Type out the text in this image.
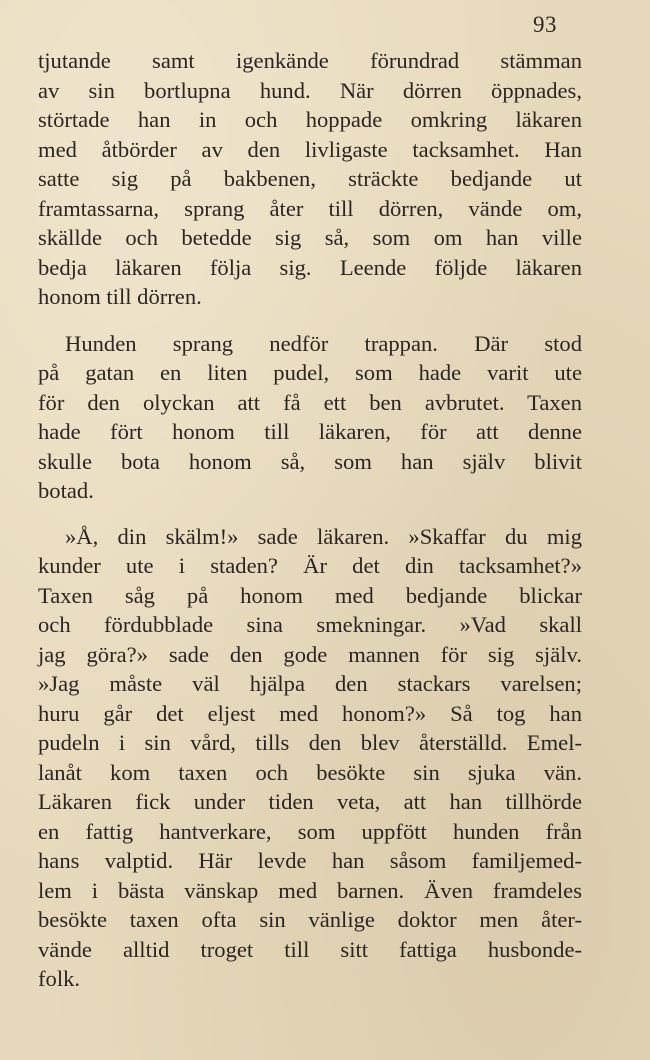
93

tjutande samt igenkände förundrad stämman
av sin bortlupna hund. När dörren öppnades,
störtade han in och hoppade omkring läkaren
med åtbörder av den livligaste tacksamhet. Han
satte sig på bakbenen, sträckte bedjande ut
framtassarna, sprang åter till dörren, vände om,
skällde och betedde sig så, som om han ville
bedja läkaren följa sig. Leende följde läkaren
honom till dörren.

Hunden sprang nedför trappan. Där stod
på gatan en liten pudel, som hade varit ute
för den olyckan att få ett ben avbrutet. Taxen
hade fört honom till läkaren, för att denne
skulle bota honom så, som han själv blivit
botad.

»Å, din skälm!» sade läkaren. »Skaffar du mig
kunder ute i staden? Är det din tacksamhet?»
Taxen såg på honom med bedjande blickar
och fördubblade sina smekningar. »Vad skall
jag göra?» sade den gode mannen för sig själv.
»Jag måste väl hjälpa den stackars varelsen;
huru går det eljest med honom?» Så tog han
pudeln i sin vård, tills den blev återställd. Emel-
lanåt kom taxen och besökte sin sjuka vän.
Läkaren fick under tiden veta, att han tillhörde
en fattig hantverkare, som uppfött hunden från
hans valptid. Här levde han såsom familjemed-
lem i bästa vänskap med barnen. Även framdeles
besökte taxen ofta sin vänlige doktor men åter-
vände alltid troget till sitt fattiga husbonde-
folk.
